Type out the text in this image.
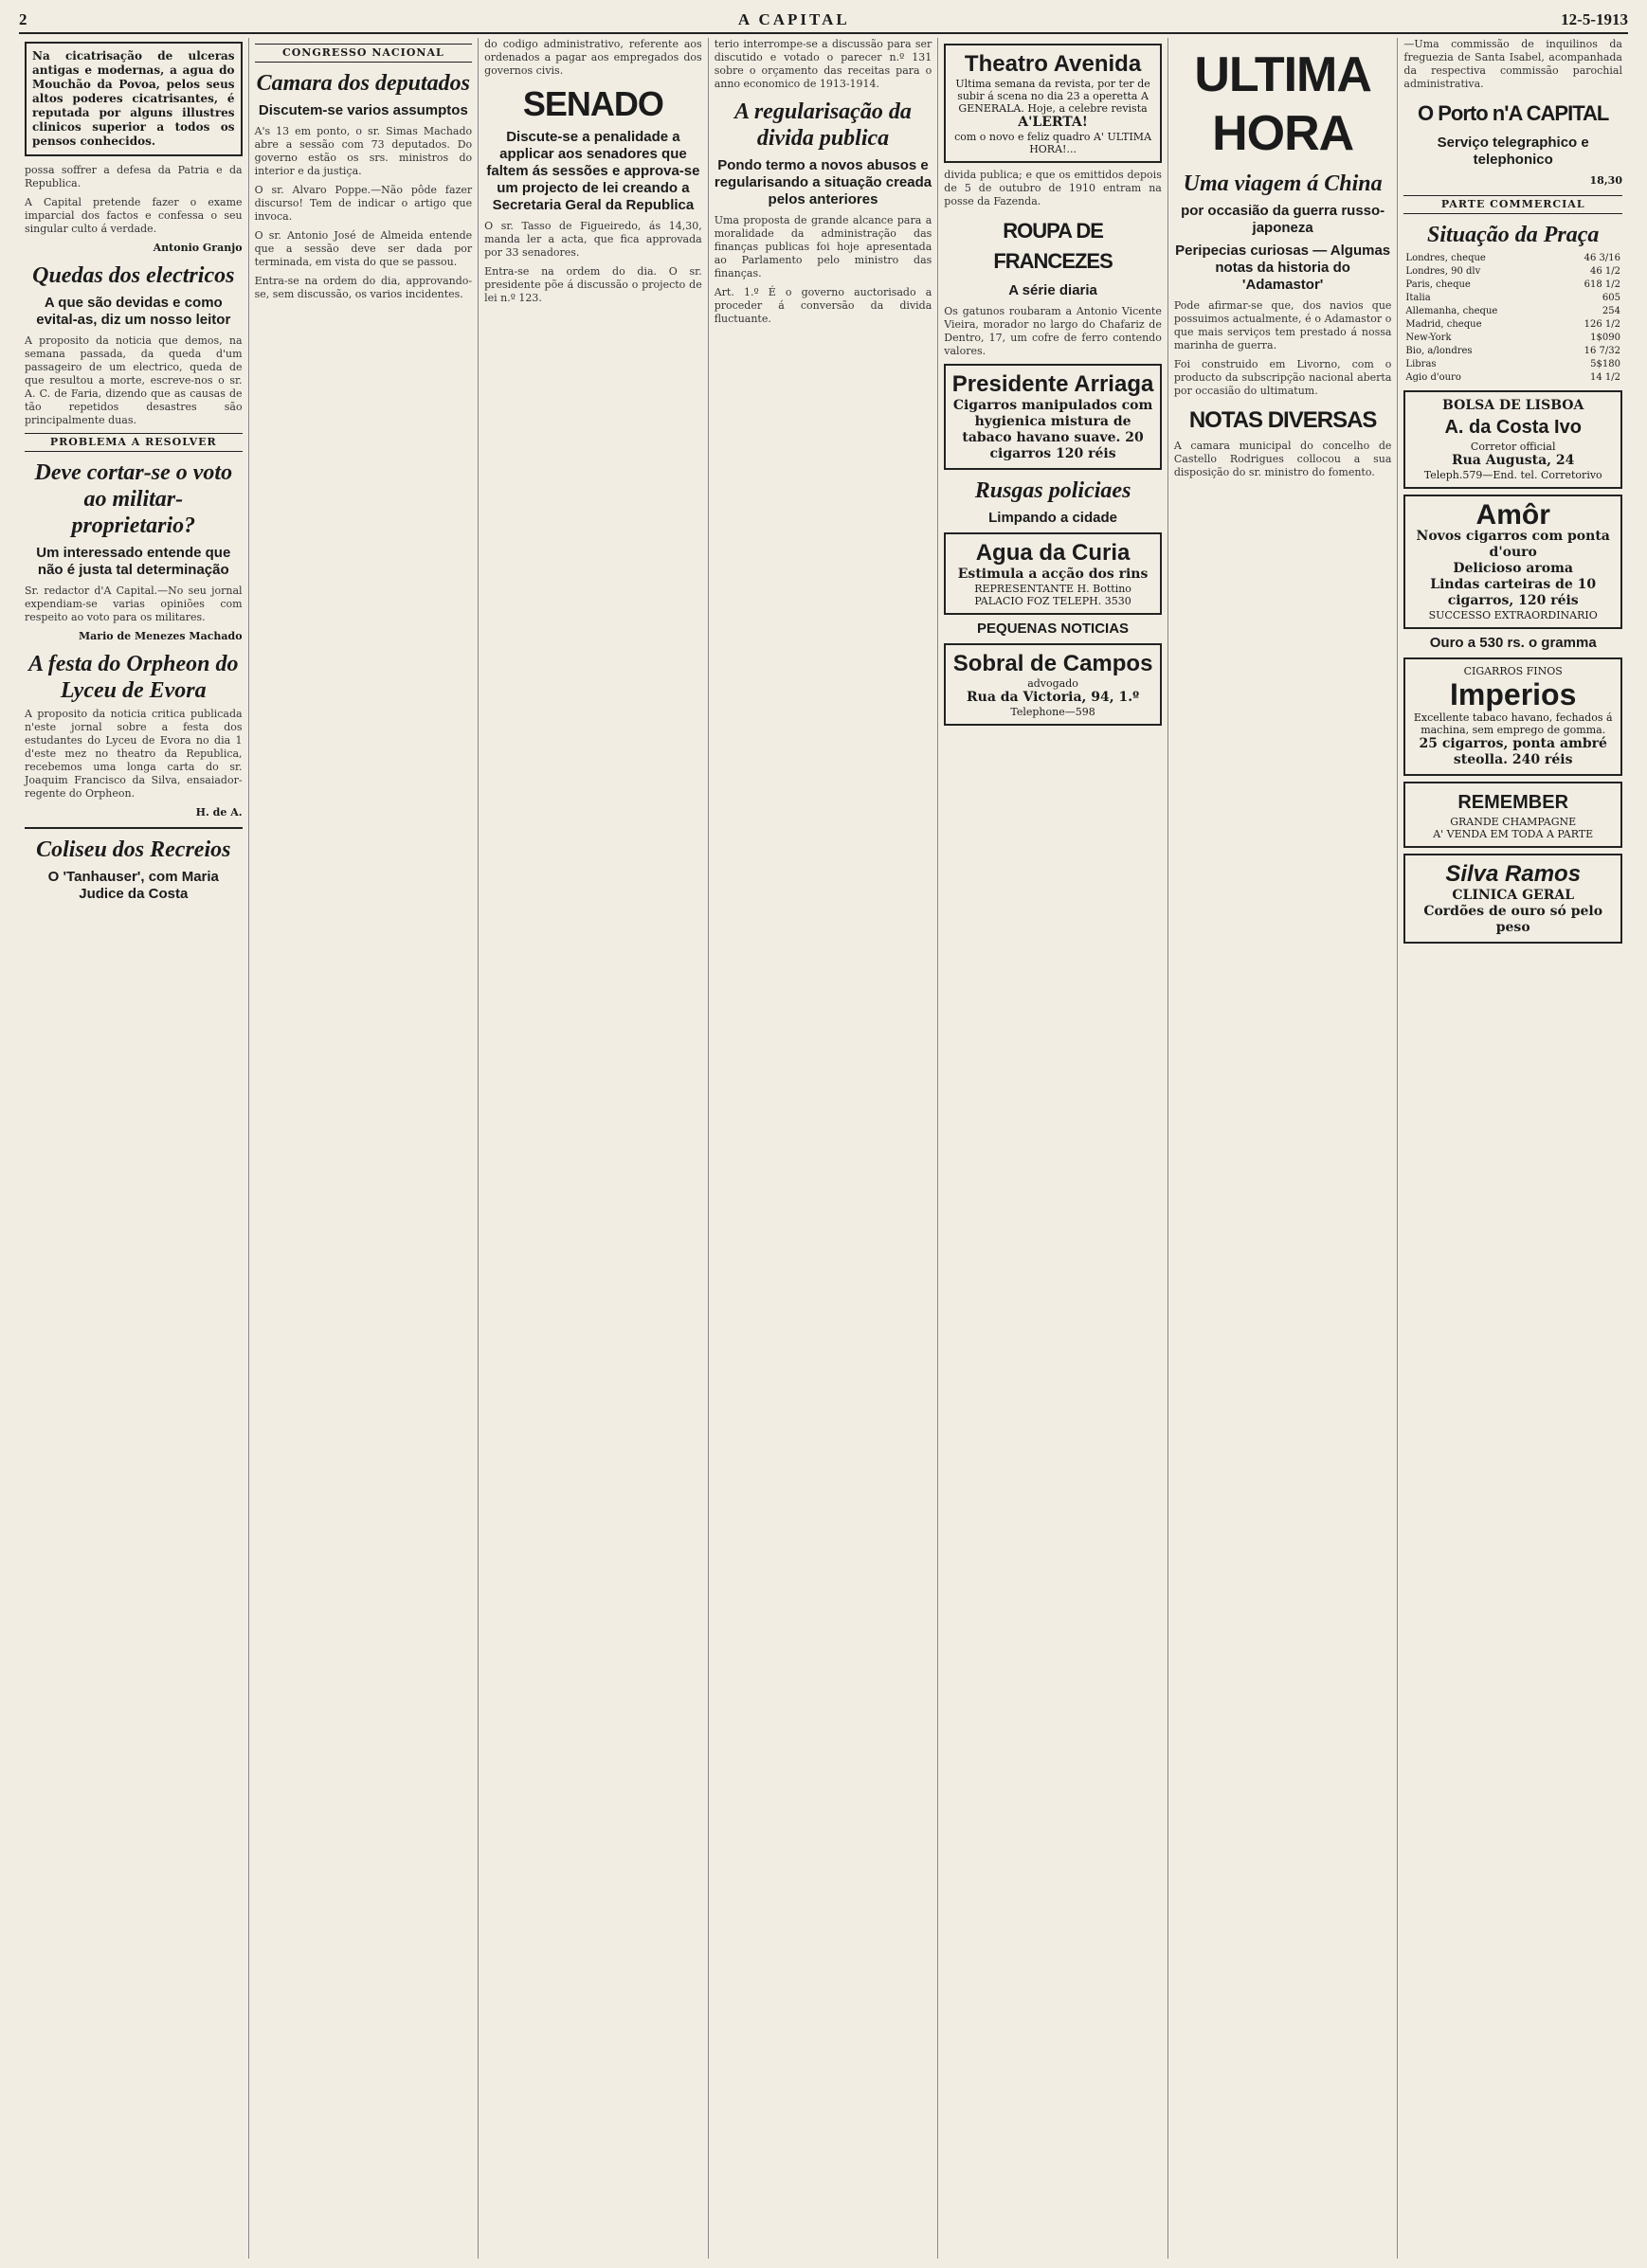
2	A CAPITAL	12-5-1913
Na cicatrisação de ulceras antigas e modernas, a agua do Mouchão da Povoa, pelos seus altos poderes cicatrisantes, é reputada por alguns illustres clinicos superior a todos os pensos conhecidos.

possa soffrer a defesa da Patria e da Republica.

A Capital pretende fazer o exame imparcial dos factos e confessa o seu singular culto á verdade.

Antonio Granjo
Quedas dos electricos
A que são devidas e como evital-as, diz um nosso leitor

A proposito da noticia que demos, na semana passada, da queda d'um passageiro de um electrico, queda de que resultou a morte, escreve-nos o sr. A. C. de Faria, dizendo que as causas de tão repetidos desastres são principalmente duas.

PROBLEMA A RESOLVER
Deve cortar-se o voto ao militar-proprietario?
Um interessado entende que não é justa tal determinação

Sr. redactor d'A Capital.—No seu jornal expendiam-se varias opiniões com respeito ao voto para os militares.

Mario de Menezes Machado
A festa do Orpheon do Lyceu de Evora

A proposito da noticia critica publicada n'este jornal sobre a festa dos estudantes do Lyceu de Evora no dia 1 d'este mez no theatro da Republica, recebemos uma longa carta do sr. Joaquim Francisco da Silva, ensaiador-regente do Orpheon.

H. de A.
Coliseu dos Recreios
O 'Tanhauser', com Maria Judice da Costa
CONGRESSO NACIONAL
Camara dos deputados
Discutem-se varios assumptos

A's 13 em ponto, o sr. Simas Machado abre a sessão com 73 deputados. Do governo estão os srs. ministros do interior e da justiça.

O sr. Alvaro Poppe.—Não pôde fazer discurso! Tem de indicar o artigo que invoca.

O sr. Antonio José de Almeida entende que a sessão deve ser dada por terminada, em vista do que se passou.

Entra-se na ordem do dia, approvando-se, sem discussão, os varios incidentes.

do codigo administrativo, referente aos ordenados a pagar aos empregados dos governos civis.

SENADO
Discute-se a penalidade a applicar aos senadores que faltem ás sessões e approva-se um projecto de lei creando a Secretaria Geral da Republica

O sr. Tasso de Figueiredo, ás 14,30, manda ler a acta, que fica approvada por 33 senadores.

Entra-se na ordem do dia. O sr. presidente põe á discussão o projecto de lei n.º 123.

terio interrompe-se a discussão para ser discutido e votado o parecer n.º 131 sobre o orçamento das receitas para o anno economico de 1913-1914.

A regularisação da divida publica
Pondo termo a novos abusos e regularisando a situação creada pelos anteriores

Uma proposta de grande alcance para a moralidade da administração das finanças publicas foi hoje apresentada ao Parlamento pelo ministro das finanças.

Art. 1.º É o governo auctorisado a proceder á conversão da divida fluctuante.

Theatro Avenida
Ultima semana da revista, por ter de subir á scena no dia 23 a operetta A GENERALA. Hoje, a celebre revista
A'LERTA!
com o novo e feliz quadro A' ULTIMA HORA!...

divida publica; e que os emittidos depois de 5 de outubro de 1910 entram na posse da Fazenda.

ROUPA DE FRANCEZES
A série diaria

Os gatunos roubaram a Antonio Vicente Vieira, morador no largo do Chafariz de Dentro, 17, um cofre de ferro contendo valores.

Presidente Arriaga
Cigarros manipulados com hygienica mistura de tabaco havano suave. 20 cigarros 120 réis
Rusgas policiaes
Limpando a cidade
Agua da Curia
Estimula a acção dos rins
REPRESENTANTE H. Bottino
PALACIO FOZ TELEPH. 3530
PEQUENAS NOTICIAS
Sobral de Campos
advogado
Rua da Victoria, 94, 1.º
Telephone—598
ULTIMA HORA
Uma viagem á China
por occasião da guerra russo-japoneza
Peripecias curiosas — Algumas notas da historia do 'Adamastor'

Pode afirmar-se que, dos navios que possuimos actualmente, é o Adamastor o que mais serviços tem prestado á nossa marinha de guerra.

Foi construido em Livorno, com o producto da subscripção nacional aberta por occasião do ultimatum.

NOTAS DIVERSAS

A camara municipal do concelho de Castello Rodrigues collocou a sua disposição do sr. ministro do fomento.

—Uma commissão de inquilinos da freguezia de Santa Isabel, acompanhada da respectiva commissão parochial administrativa.

O Porto n'A CAPITAL
Serviço telegraphico e telephonico
18,30
PARTE COMMERCIAL
Situação da Praça
Londres, cheque	46 3/16
Londres, 90 dlv	46 1/2
Paris, cheque	618 1/2
Italia	605
Allemanha, cheque	254
Madrid, cheque	126 1/2
New-York	1$090
Bio, a/londres	16 7/32
Libras	5$180
Agio d'ouro	14 1/2
BOLSA DE LISBOA
A. da Costa Ivo
Corretor official
Rua Augusta, 24
Teleph.579—End. tel. Corretorivo
Amôr
Novos cigarros com ponta d'ouro
Delicioso aroma
Lindas carteiras de 10 cigarros, 120 réis
SUCCESSO EXTRAORDINARIO
Ouro a 530 rs. o gramma
CIGARROS FINOS
Imperios
Excellente tabaco havano, fechados á machina, sem emprego de gomma.
25 cigarros, ponta ambré steolla. 240 réis
REMEMBER
GRANDE CHAMPAGNE
A' VENDA EM TODA A PARTE
Silva Ramos
CLINICA GERAL
Cordões de ouro só pelo peso
